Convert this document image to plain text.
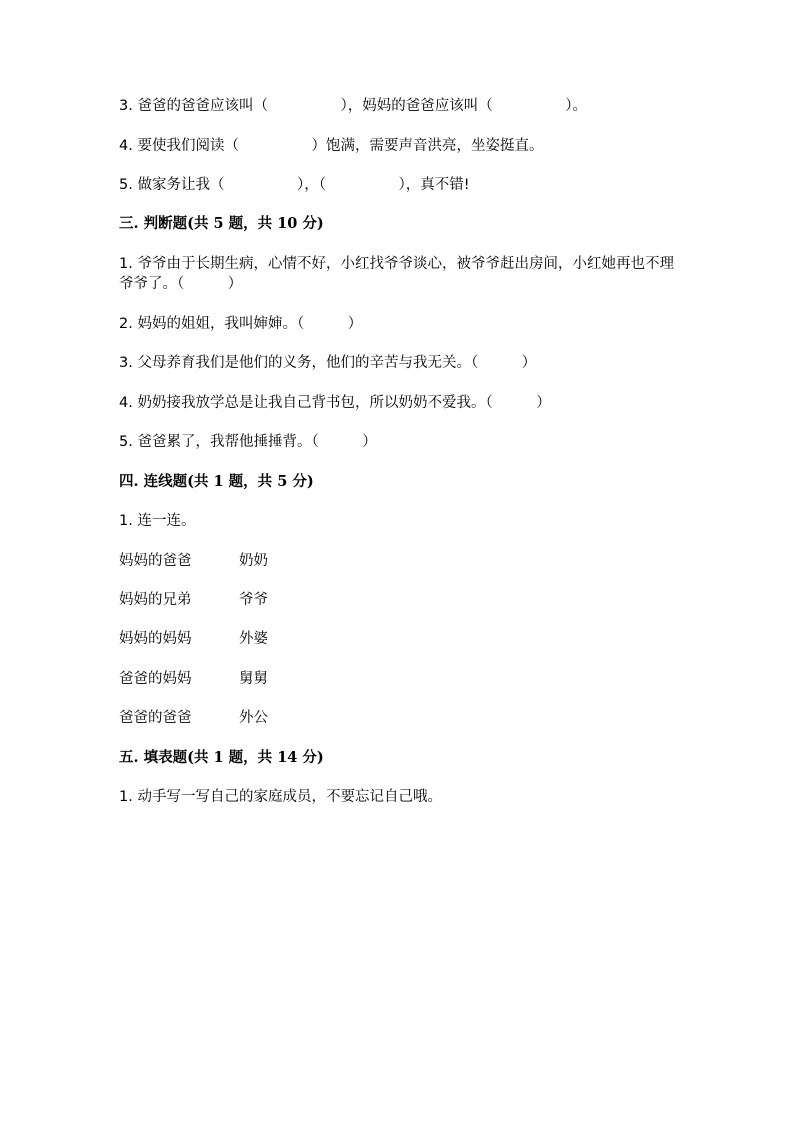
3. 爸爸的爸爸应该叫（　　　　　），妈妈的爸爸应该叫（　　　　　）。
4. 要使我们阅读（　　　　　）饱满，需要声音洪亮，坐姿挺直。
5. 做家务让我（　　　　　），（　　　　　），真不错!
三. 判断题(共 5 题，共 10 分)
1. 爷爷由于长期生病，心情不好，小红找爷爷谈心，被爷爷赶出房间，小红她再也不理爷爷了。（　　　）
2. 妈妈的姐姐，我叫婶婶。（　　　）
3. 父母养育我们是他们的义务，他们的辛苦与我无关。（　　　）
4. 奶奶接我放学总是让我自己背书包，所以奶奶不爱我。（　　　）
5. 爸爸累了，我帮他捶捶背。（　　　）
四. 连线题(共 1 题，共 5 分)
1. 连一连。
妈妈的爸爸	奶奶
妈妈的兄弟	爷爷
妈妈的妈妈	外婆
爸爸的妈妈	舅舅
爸爸的爸爸	外公
五. 填表题(共 1 题，共 14 分)
1. 动手写一写自己的家庭成员，不要忘记自己哦。
